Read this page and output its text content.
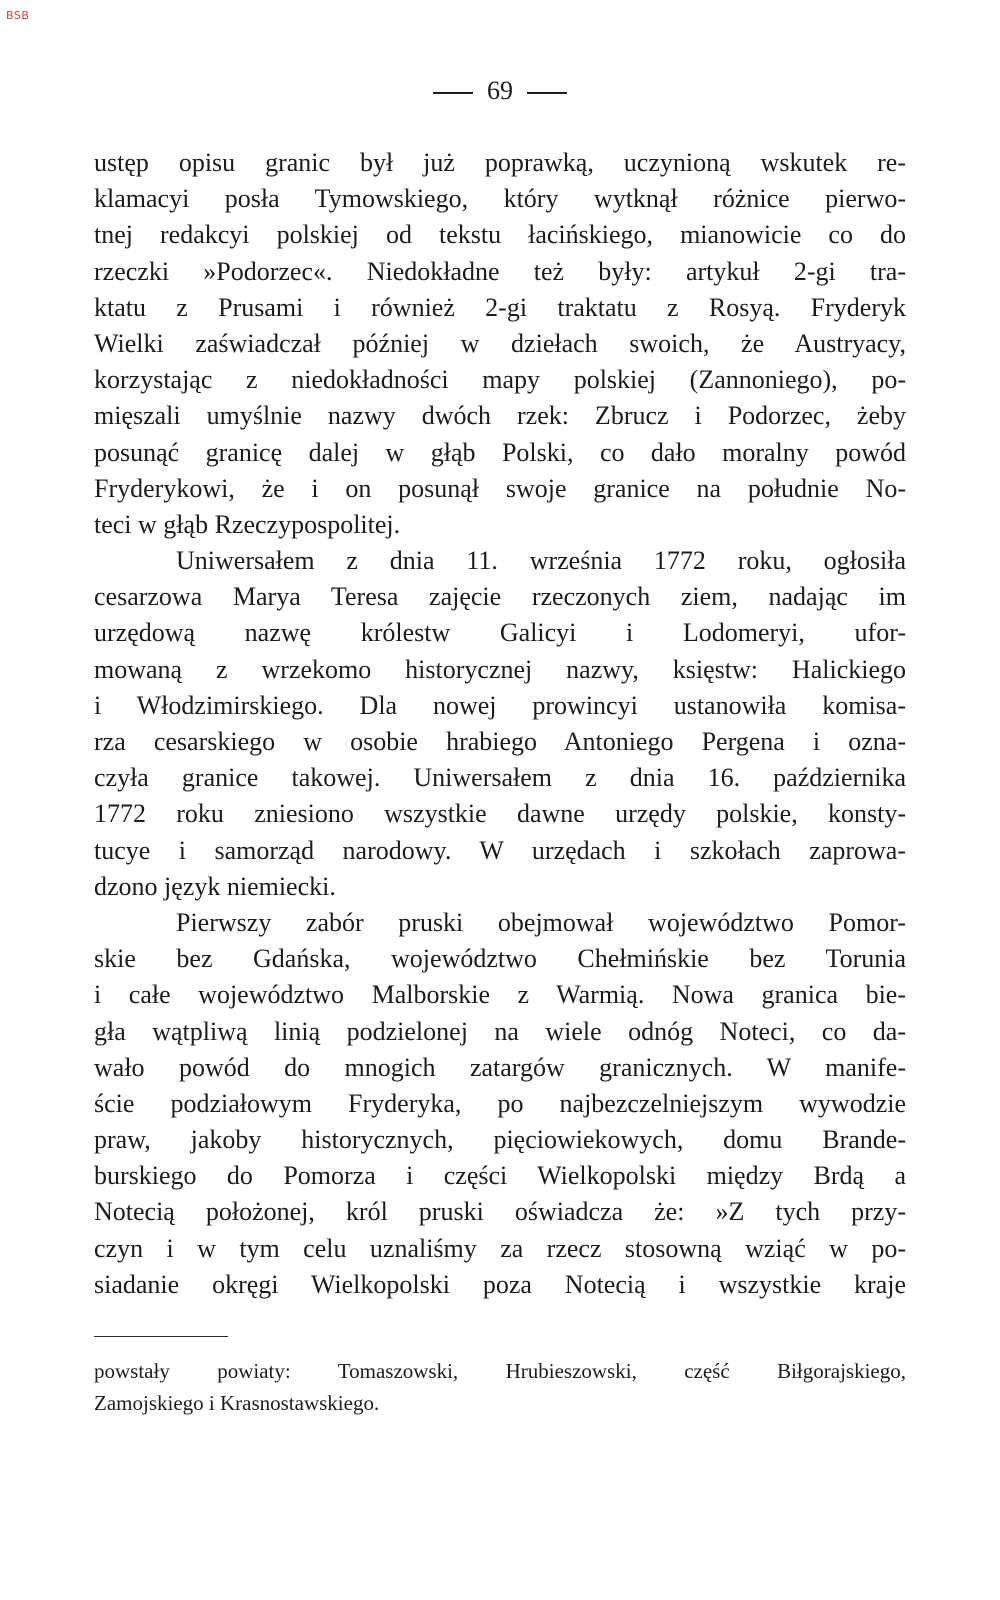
BSB
69
ustęp opisu granic był już poprawką, uczynioną wskutek re-
klamacyi posła Tymowskiego, który wytknął różnice pierwo-
tnej redakcyi polskiej od tekstu łacińskiego, mianowicie co do
rzeczki »Podorzec«. Niedokładne też były: artykuł 2-gi tra-
ktatu z Prusami i również 2-gi traktatu z Rosyą. Fryderyk
Wielki zaświadczał później w dziełach swoich, że Austryacy,
korzystając z niedokładności mapy polskiej (Zannoniego), po-
mięszali umyślnie nazwy dwóch rzek: Zbrucz i Podorzec, żeby
posunąć granicę dalej w głąb Polski, co dało moralny powód
Fryderykowi, że i on posunął swoje granice na południe No-
teci w głąb Rzeczypospolitej.
Uniwersałem z dnia 11. września 1772 roku, ogłosiła
cesarzowa Marya Teresa zajęcie rzeczonych ziem, nadając im
urzędową nazwę królestw Galicyi i Lodomeryi, ufor-
mowaną z wrzekomo historycznej nazwy, księstw: Halickiego
i Włodzimirskiego. Dla nowej prowincyi ustanowiła komisa-
rza cesarskiego w osobie hrabiego Antoniego Pergena i ozna-
czyła granice takowej. Uniwersałem z dnia 16. października
1772 roku zniesiono wszystkie dawne urzędy polskie, konsty-
tucye i samorząd narodowy. W urzędach i szkołach zaprowa-
dzono język niemiecki.
Pierwszy zabór pruski obejmował województwo Pomor-
skie bez Gdańska, województwo Chełmińskie bez Torunia
i całe województwo Malborskie z Warmią. Nowa granica bie-
gła wątpliwą linią podzielonej na wiele odnóg Noteci, co da-
wało powód do mnogich zatargów granicznych. W manife-
ście podziałowym Fryderyka, po najbezczelniejszym wywodzie
praw, jakoby historycznych, pięciowiekowych, domu Brande-
burskiego do Pomorza i części Wielkopolski między Brdą a
Notecią położonej, król pruski oświadcza że: »Z tych przy-
czyn i w tym celu uznaliśmy za rzecz stosowną wziąć w po-
siadanie okręgi Wielkopolski poza Notecią i wszystkie kraje
powstały powiaty: Tomaszowski, Hrubieszowski, część Biłgorajskiego,
Zamojskiego i Krasnostawskiego.
